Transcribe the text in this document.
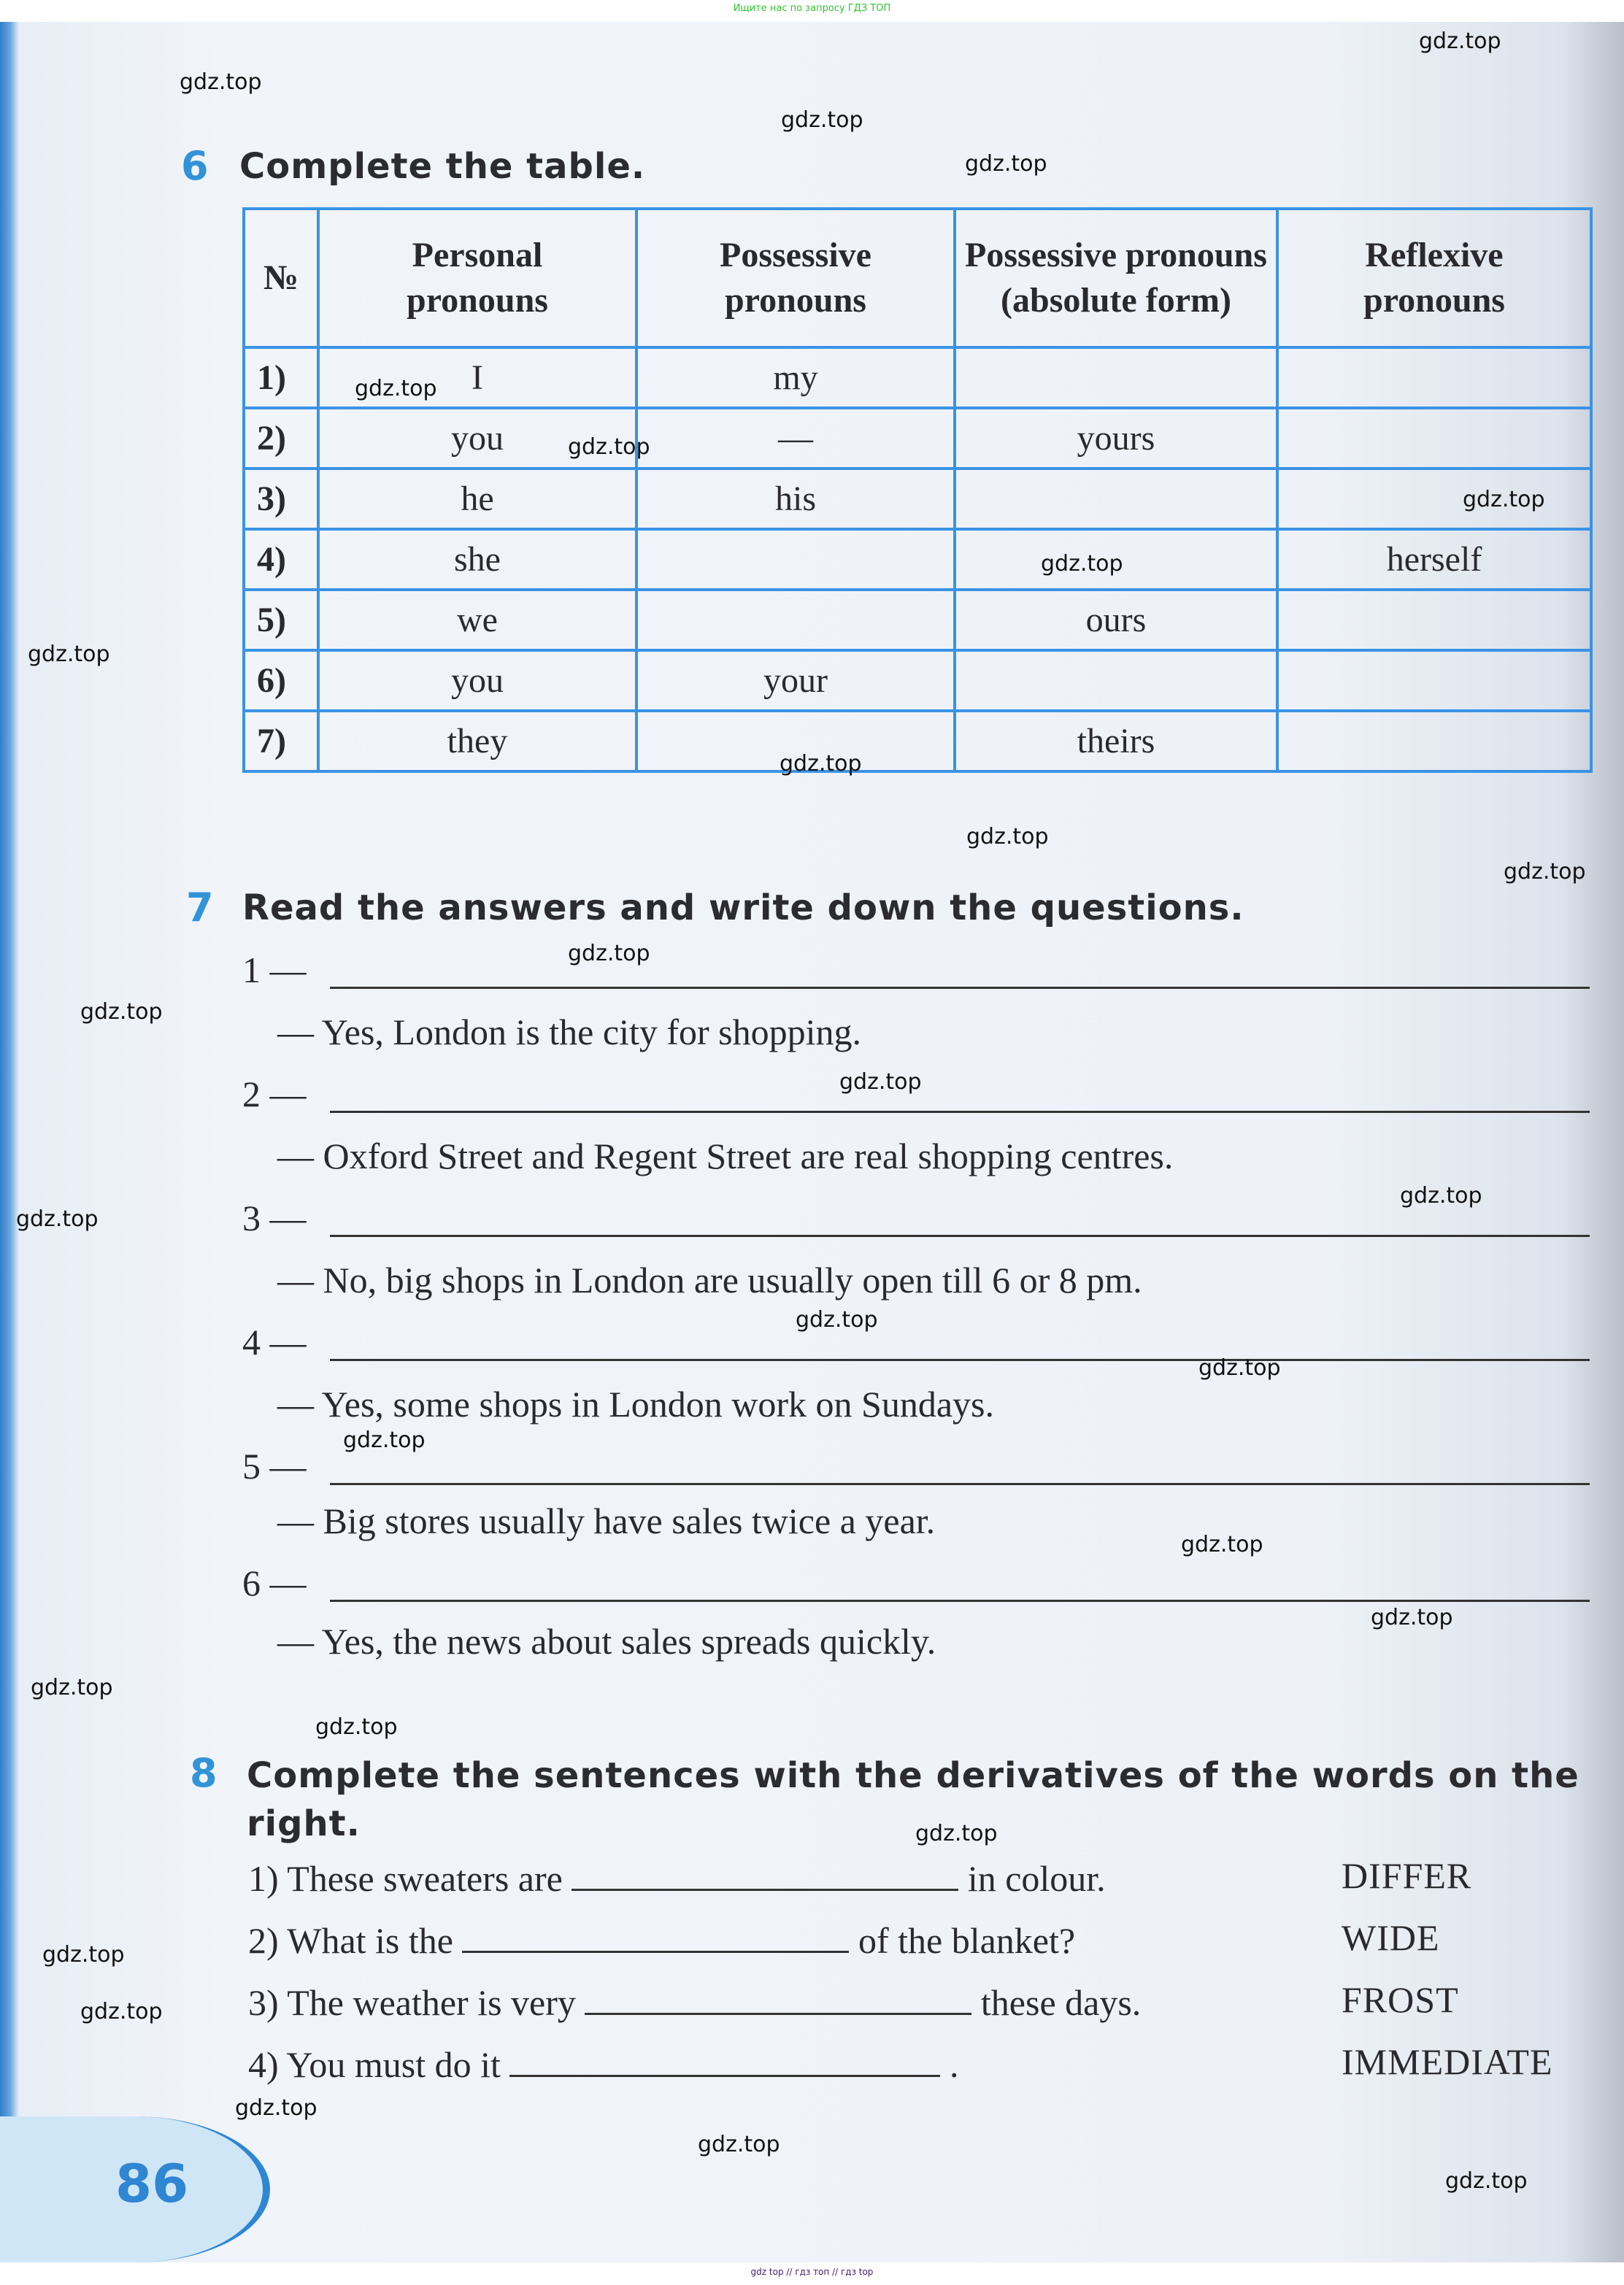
Ищите нас по запросу ГДЗ ТОП
6 Complete the table.
№	Personal pronouns	Possessive pronouns	Possessive pronouns (absolute form)	Reflexive pronouns
1)	I	my		
2)	you	—	yours	
3)	he	his		
4)	she			herself
5)	we		ours	
6)	you	your		
7)	they		theirs	
7 Read the answers and write down the questions.
1 —
— Yes, London is the city for shopping.
2 —
— Oxford Street and Regent Street are real shopping centres.
3 —
— No, big shops in London are usually open till 6 or 8 pm.
4 —
— Yes, some shops in London work on Sundays.
5 —
— Big stores usually have sales twice a year.
6 —
— Yes, the news about sales spreads quickly.
8 Complete the sentences with the derivatives of the words on the right.
1) These sweaters are	in colour.	DIFFER
2) What is the	of the blanket?	WIDE
3) The weather is very	these days.	FROST
4) You must do it	.	IMMEDIATE
86
gdz.top
gdz.top
gdz.top
gdz.top
gdz.top
gdz.top
gdz.top
gdz.top
gdz.top
gdz.top
gdz.top
gdz.top
gdz.top
gdz.top
gdz.top
gdz.top
gdz.top
gdz.top
gdz.top
gdz.top
gdz.top
gdz.top
gdz.top
gdz.top
gdz.top
gdz.top
gdz.top
gdz.top
gdz.top
gdz.top
gdz top // гдз топ // гдз top
